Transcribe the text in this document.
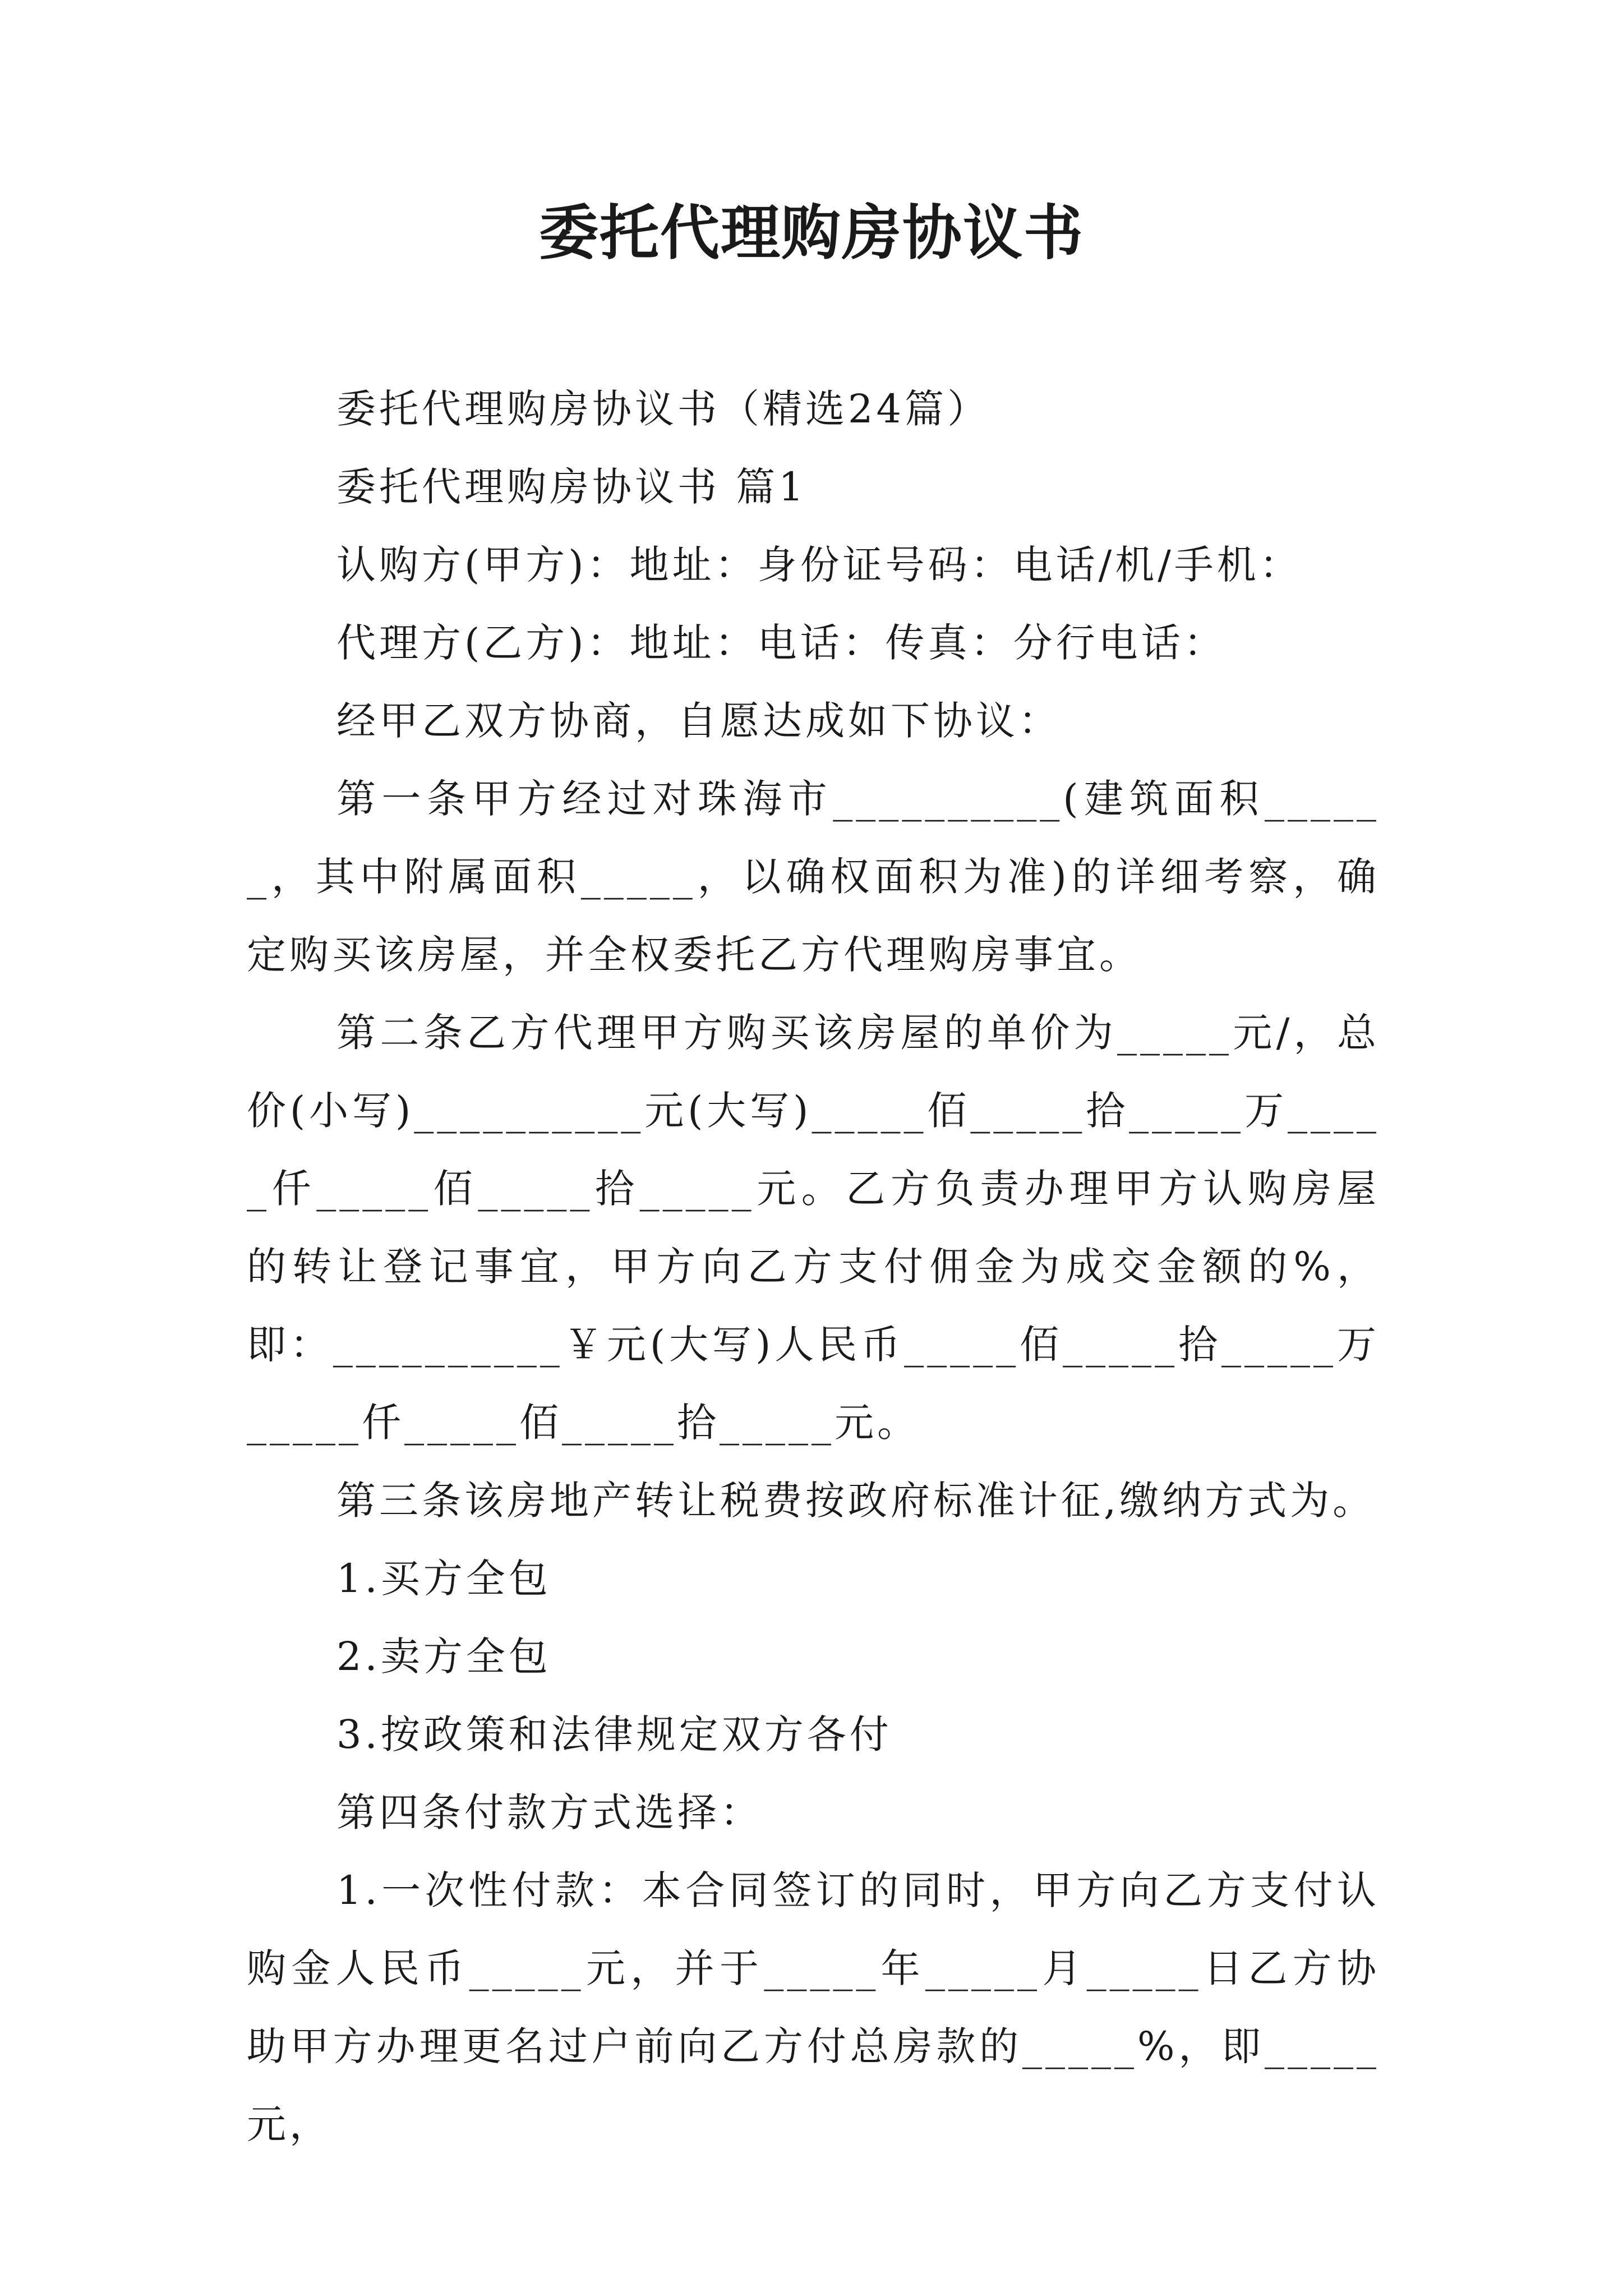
委托代理购房协议书

委托代理购房协议书（精选24篇）

委托代理购房协议书 篇1

认购方(甲方)：地址：身份证号码：电话/机/手机：

代理方(乙方)：地址：电话：传真：分行电话：

经甲乙双方协商，自愿达成如下协议：

第一条甲方经过对珠海市__________(建筑面积______，其中附属面积_____，以确权面积为准)的详细考察，确定购买该房屋，并全权委托乙方代理购房事宜。

第二条乙方代理甲方购买该房屋的单价为_____元/，总价(小写)__________元(大写)_____佰_____拾_____万_____仟_____佰_____拾_____元。乙方负责办理甲方认购房屋的转让登记事宜，甲方向乙方支付佣金为成交金额的%，即：__________￥元(大写)人民币_____佰_____拾_____万_____仟_____佰_____拾_____元。

第三条该房地产转让税费按政府标准计征,缴纳方式为。

1.买方全包

2.卖方全包

3.按政策和法律规定双方各付

第四条付款方式选择：

1.一次性付款：本合同签订的同时，甲方向乙方支付认购金人民币_____元，并于_____年_____月_____日乙方协助甲方办理更名过户前向乙方付总房款的_____%，即_____元，
